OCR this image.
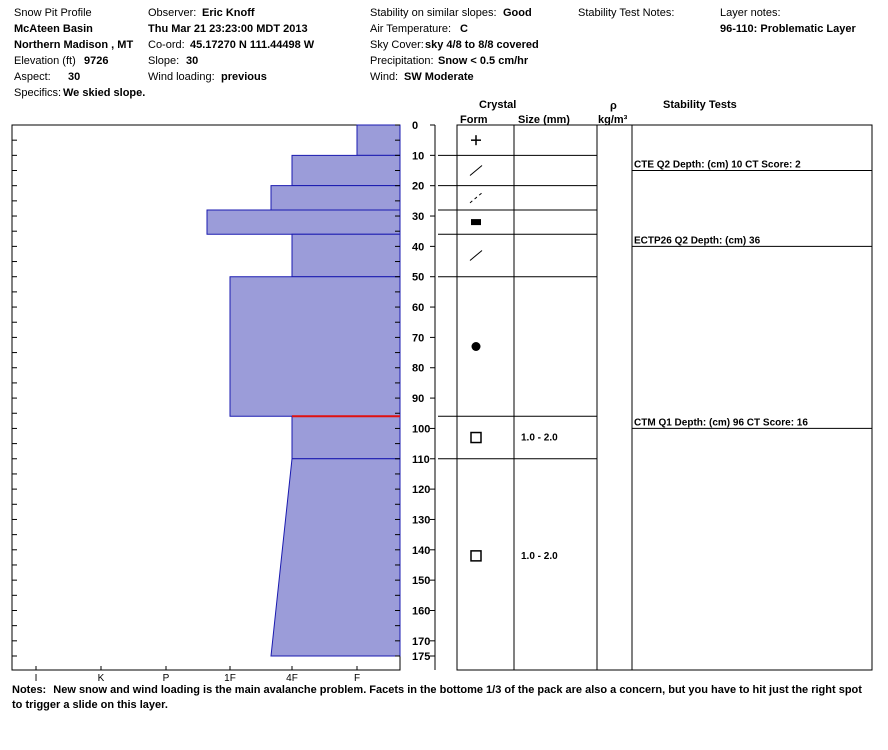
Snow Pit Profile
McAteen Basin
Northern Madison , MT
Elevation (ft) 9726
Aspect: 30
Specifics: We skied slope.
Observer: Eric Knoff
Thu Mar 21 23:23:00 MDT 2013
Co-ord: 45.17270 N 111.44498 W
Slope: 30
Wind loading: previous
Stability on similar slopes: Good
Air Temperature: C
Sky Cover: sky 4/8 to 8/8 covered
Precipitation: Snow < 0.5 cm/hr
Wind: SW Moderate
Stability Test Notes:	Layer notes:
96-110: Problematic Layer
Crystal
Form	Size (mm)
ρ
kg/m³
Stability Tests
0
10
20
30
40
50
60
70
80
90
100
110
120
130
140
150
160
170
175
I	K	P	1F	4F	F
1.0 - 2.0
1.0 - 2.0
CTE Q2 Depth: (cm) 10 CT Score: 2
ECTP26 Q2 Depth: (cm) 36
CTM Q1 Depth: (cm) 96 CT Score: 16
Notes: New snow and wind loading is the main avalanche problem. Facets in the bottome 1/3 of the pack are also a concern, but you have to hit just the right spot to trigger a slide on this layer.
